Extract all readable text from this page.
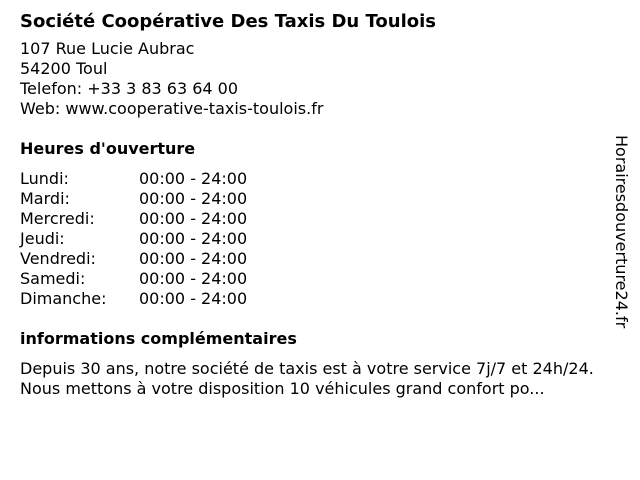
Société Coopérative Des Taxis Du Toulois
107 Rue Lucie Aubrac
54200 Toul
Telefon: +33 3 83 63 64 00
Web: www.cooperative-taxis-toulois.fr
Heures d'ouverture
Lundi:	00:00 - 24:00
Mardi:	00:00 - 24:00
Mercredi:	00:00 - 24:00
Jeudi:	00:00 - 24:00
Vendredi:	00:00 - 24:00
Samedi:	00:00 - 24:00
Dimanche:	00:00 - 24:00
informations complémentaires
Depuis 30 ans, notre société de taxis est à votre service 7j/7 et 24h/24. Nous mettons à votre disposition 10 véhicules grand confort po...
Horairesdouverture24.fr
